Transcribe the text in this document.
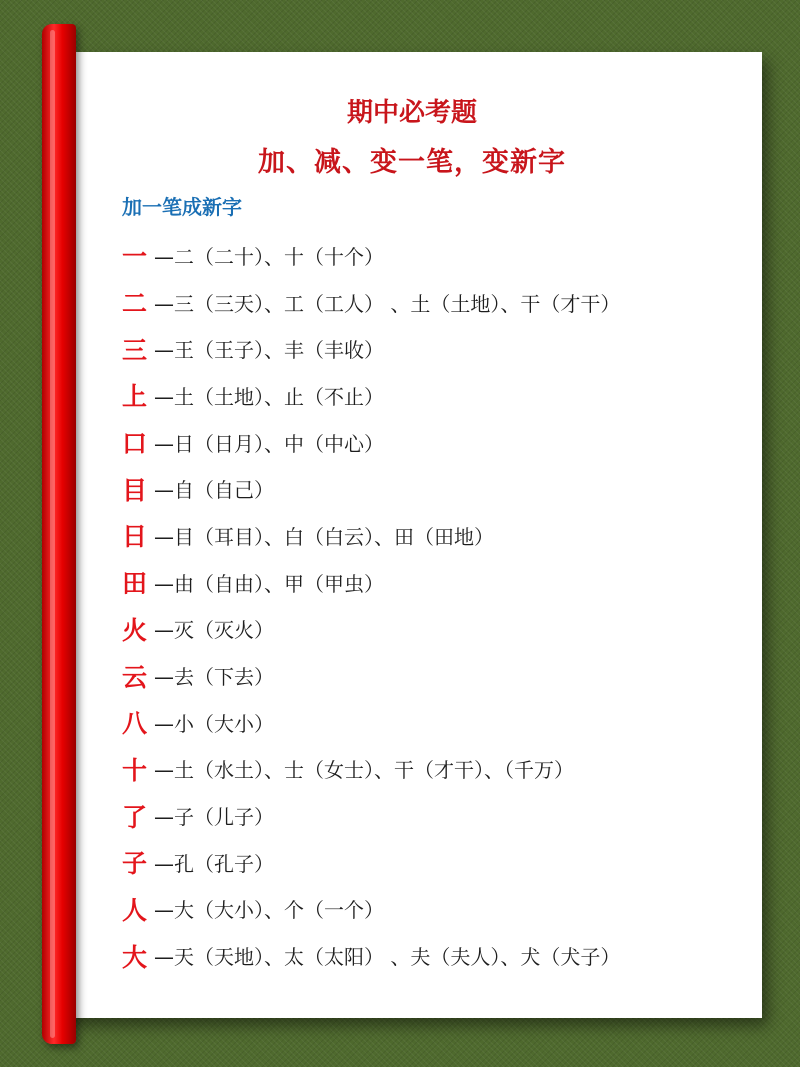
期中必考题
加、减、变一笔，变新字
加一笔成新字
一 —二（二十）、十（十个）
二 —三（三天）、工（工人） 、土（土地）、干（才干）
三 —王（王子）、丰（丰收）
上 —土（土地）、止（不止）
口 —日（日月）、中（中心）
目 —自（自己）
日 —目（耳目）、白（白云）、田（田地）
田 —由（自由）、甲（甲虫）
火 —灭（灭火）
云 —去（下去）
八 —小（大小）
十 —土（水土）、士（女士）、干（才干）、（千万）
了 —子（儿子）
子 —孔（孔子）
人 —大（大小）、个（一个）
大 —天（天地）、太（太阳） 、夫（夫人）、犬（犬子）
